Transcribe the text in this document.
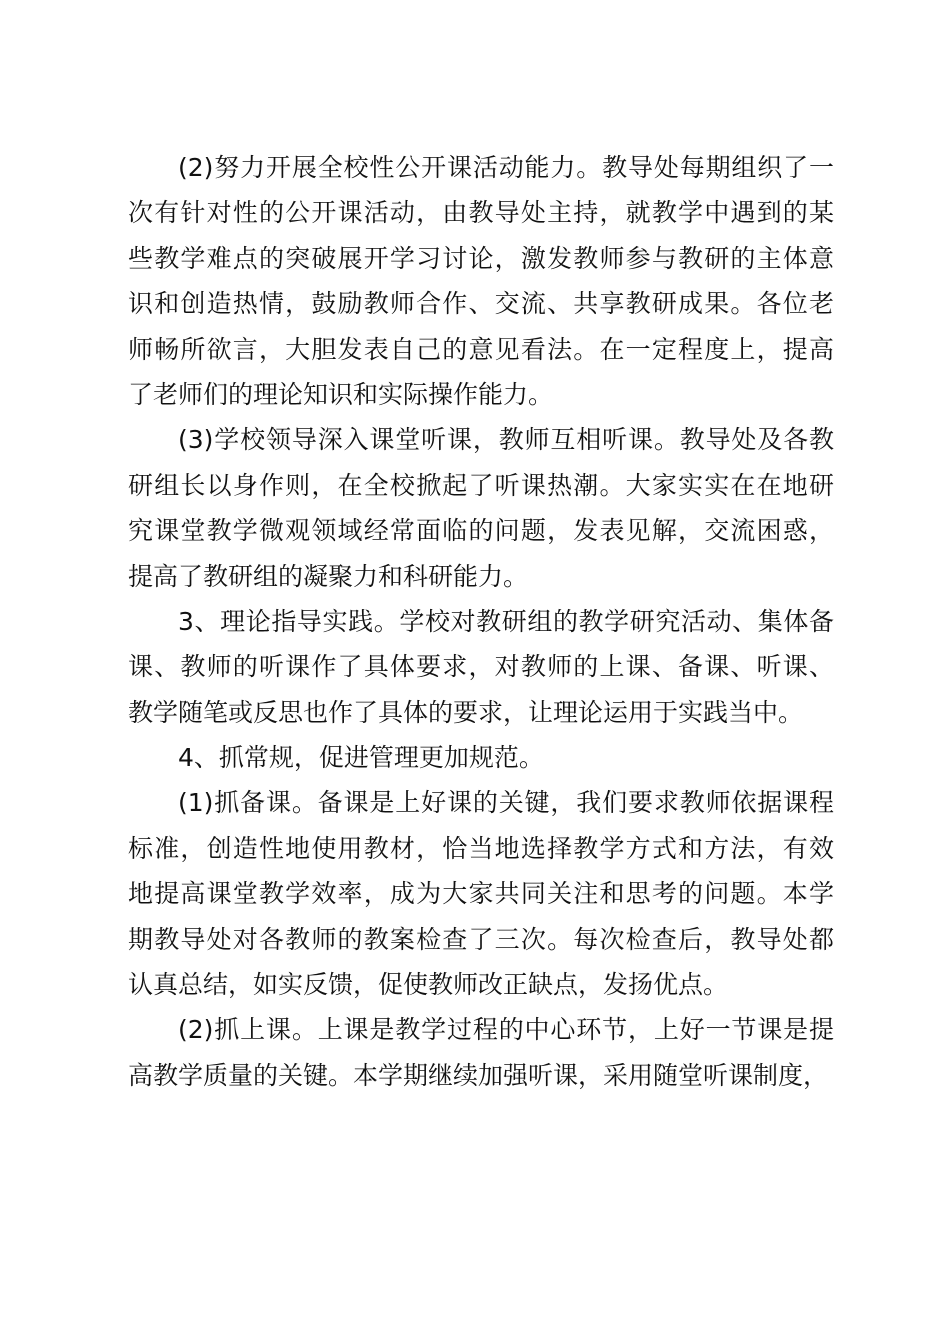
(2)努力开展全校性公开课活动能力。教导处每期组织了一
次有针对性的公开课活动，由教导处主持，就教学中遇到的某
些教学难点的突破展开学习讨论，激发教师参与教研的主体意
识和创造热情，鼓励教师合作、交流、共享教研成果。各位老
师畅所欲言，大胆发表自己的意见看法。在一定程度上，提高
了老师们的理论知识和实际操作能力。
(3)学校领导深入课堂听课，教师互相听课。教导处及各教
研组长以身作则，在全校掀起了听课热潮。大家实实在在地研
究课堂教学微观领域经常面临的问题，发表见解，交流困惑，
提高了教研组的凝聚力和科研能力。
3、理论指导实践。学校对教研组的教学研究活动、集体备
课、教师的听课作了具体要求，对教师的上课、备课、听课、
教学随笔或反思也作了具体的要求，让理论运用于实践当中。
4、抓常规，促进管理更加规范。
(1)抓备课。备课是上好课的关键，我们要求教师依据课程
标准，创造性地使用教材，恰当地选择教学方式和方法，有效
地提高课堂教学效率，成为大家共同关注和思考的问题。本学
期教导处对各教师的教案检查了三次。每次检查后，教导处都
认真总结，如实反馈，促使教师改正缺点，发扬优点。
(2)抓上课。上课是教学过程的中心环节，上好一节课是提
高教学质量的关键。本学期继续加强听课，采用随堂听课制度，
